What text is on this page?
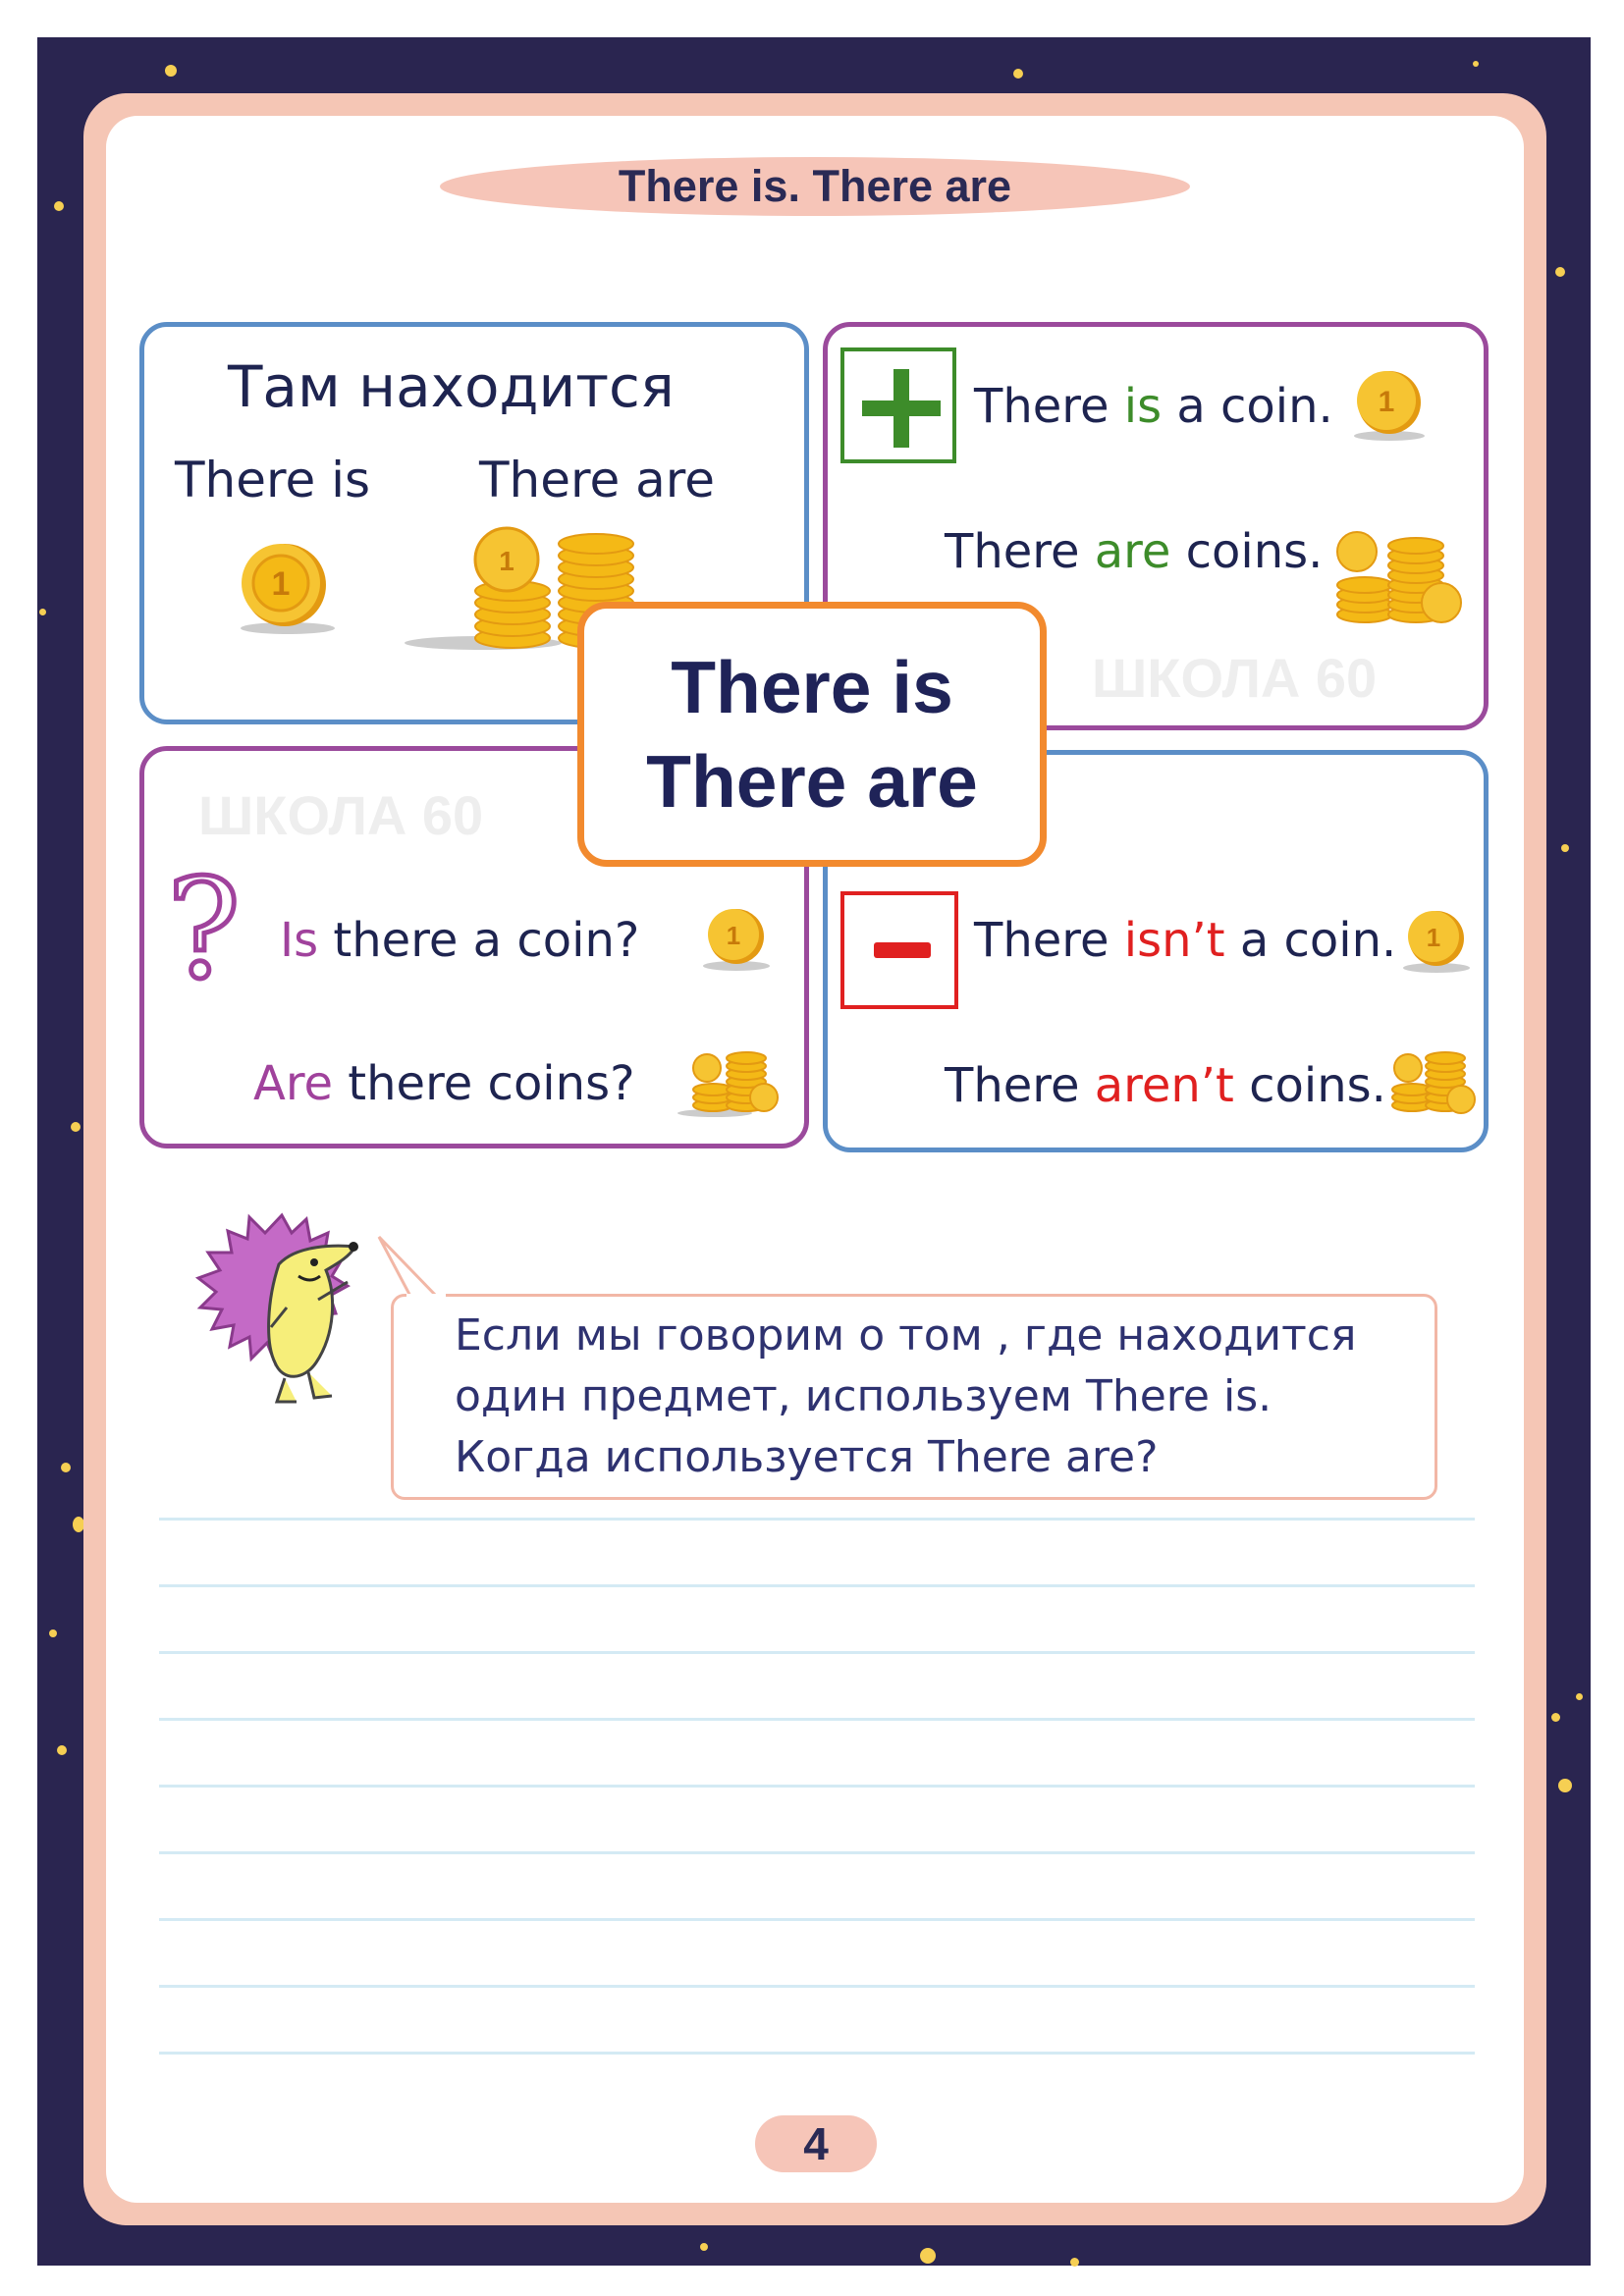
There is. There are
Там находится
There is There are
1
1
There is a coin.
There are coins.
1
ШКОЛА 60
ШКОЛА 60
? Is there a coin?
Are there coins?
1	There isn’t a coin.
There aren’t coins.
1
There is
There are
Если мы говорим о том , где находится
один предмет, используем There is.
Когда используется There are?
4
